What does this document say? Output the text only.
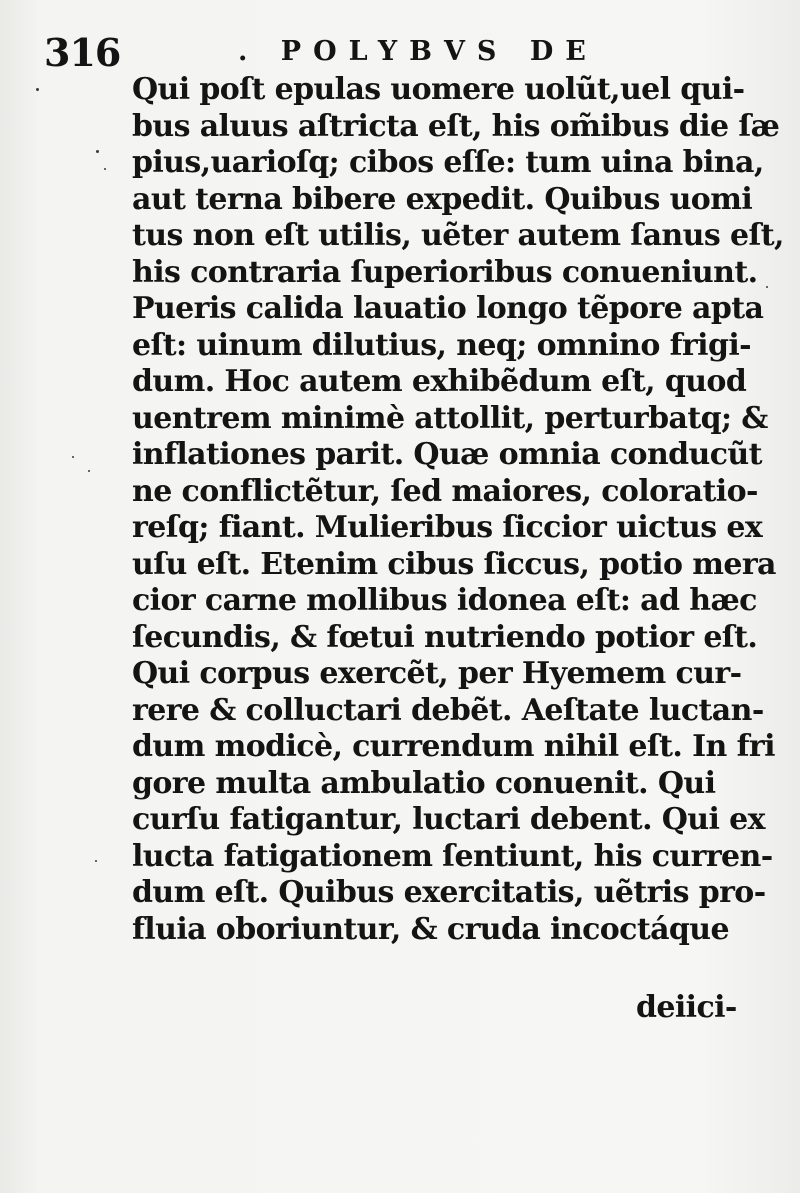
316	. POLYBVS DE
Qui poſt epulas uomere uolũt,uel qui-
bus aluus aſtricta eſt, his om̃ibus die ſæ
pius,uarioſq; cibos eſſe: tum uina bina,
aut terna bibere expedit. Quibus uomi
tus non eſt utilis, uẽter autem ſanus eſt,
his contraria ſuperioribus conueniunt.
Pueris calida lauatio longo tẽpore apta
eſt: uinum dilutius, neq; omnino frigi-
dum. Hoc autem exhibẽdum eſt, quod
uentrem minimè attollit, perturbatq; &
inflationes parit. Quæ omnia conducũt
ne conflictẽtur, ſed maiores, coloratio-
reſq; fiant. Mulieribus ſiccior uictus ex
uſu eſt. Etenim cibus ſiccus, potio mera
cior carne mollibus idonea eſt: ad hæc
ſecundis, & fœtui nutriendo potior eſt.
Qui corpus exercẽt, per Hyemem cur-
rere & colluctari debẽt. Aeſtate luctan-
dum modicè, currendum nihil eſt. In fri
gore multa ambulatio conuenit. Qui
curſu fatigantur, luctari debent. Qui ex
lucta fatigationem ſentiunt, his curren-
dum eſt. Quibus exercitatis, uẽtris pro-
fluia oboriuntur, & cruda incoctáque
deiici-
